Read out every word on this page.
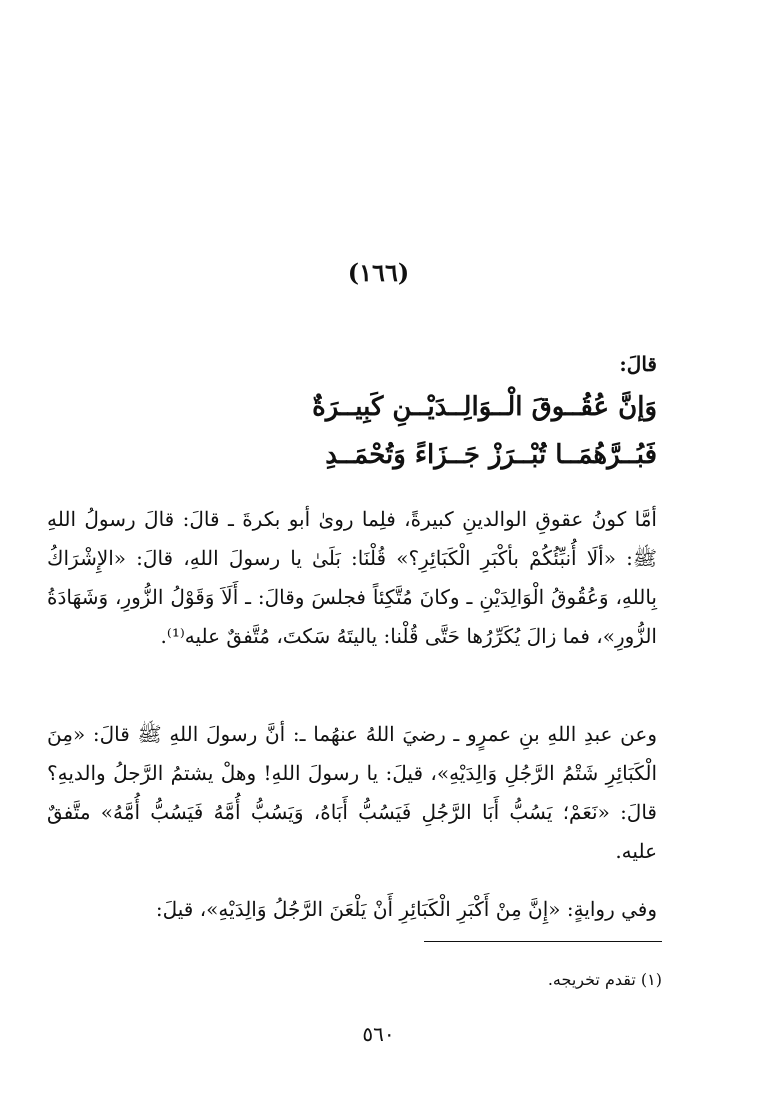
(١٦٦)
قالَ:
وَإنَّ عُقُــوقَ الْــوَالِــدَيْــنِ كَبِيــرَةٌ
فَبُــرَّهُمَــا تُبْــرَزْ جَــزَاءً وَتُحْمَــدِ
أمَّا كونُ عقوقِ الوالدينِ كبيرةً، فلِما روىٰ أبو بكرةَ ـ قالَ: قالَ رسولُ اللهِ ﷺ: «ألَا أُنبِّئُكُمْ بأكْبَرِ الْكَبَائِرِ؟» قُلْنَا: بَلَىٰ يا رسولَ اللهِ، قالَ: «الإِشْرَاكُ بِاللهِ، وَعُقُوقُ الْوَالِدَيْنِ ـ وكانَ مُتَّكِئاً فجلسَ وقالَ: ـ أَلَاَ وَقَوْلُ الزُّورِ، وَشَهَادَةُ الزُّورِ»، فما زالَ يُكَرِّرُها حَتَّى قُلْنا: ياليتَهُ سَكتَ، مُتَّفقٌ عليه⁽¹⁾.
وعن عبدِ اللهِ بنِ عمرٍو ـ رضيَ اللهُ عنهُما ـ: أنَّ رسولَ اللهِ ﷺ قالَ: «مِنَ الْكَبَائِرِ شَتْمُ الرَّجُلِ وَالِدَيْهِ»، قيلَ: يا رسولَ اللهِ! وهلْ يشتمُ الرَّجلُ والديهِ؟ قالَ: «نَعَمْ؛ يَسُبُّ أَبَا الرَّجُلِ فَيَسُبُّ أَبَاهُ، وَيَسُبُّ أُمَّهُ فَيَسُبُّ أُمَّهُ» متَّفقٌ عليه.
وفي روايةٍ: «إِنَّ مِنْ أَكْبَرِ الْكَبَائِرِ أَنْ يَلْعَنَ الرَّجُلُ وَالِدَيْهِ»، قيلَ:
(١) تقدم تخريجه.
٥٦٠
